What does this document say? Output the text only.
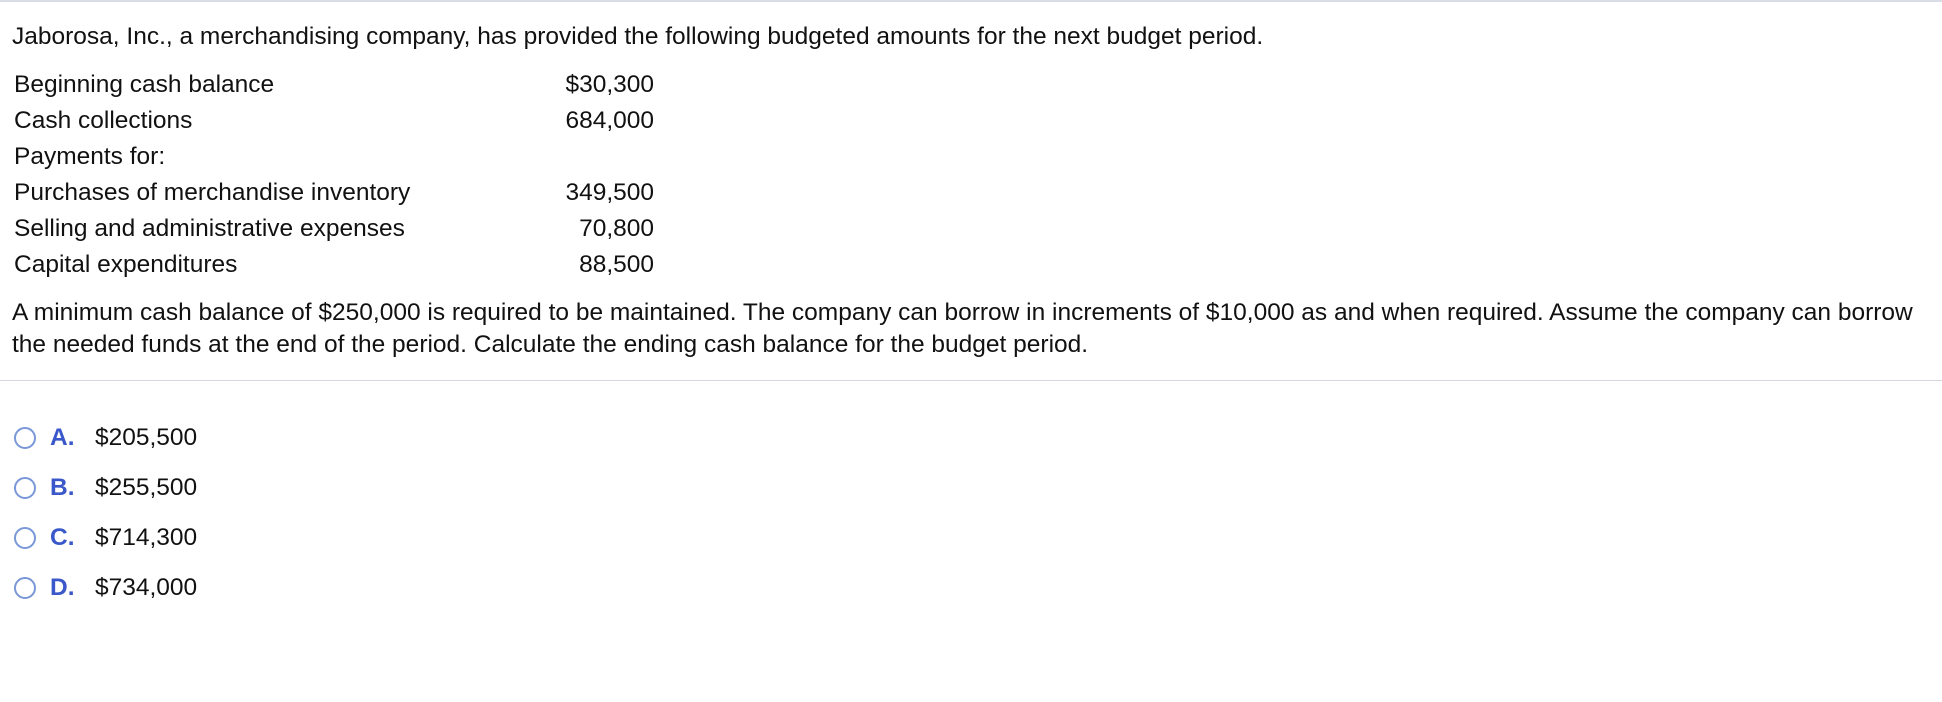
Jaborosa, Inc., a merchandising company, has provided the following budgeted amounts for the next budget period.

Beginning cash balance	$30,300
Cash collections	684,000
Payments for:	
Purchases of merchandise inventory	349,500
Selling and administrative expenses	70,800
Capital expenditures	88,500

A minimum cash balance of $250,000 is required to be maintained. The company can borrow in increments of $10,000 as and when required. Assume the company can borrow the needed funds at the end of the period. Calculate the ending cash balance for the budget period.

A. $205,500
B. $255,500
C. $714,300
D. $734,000
